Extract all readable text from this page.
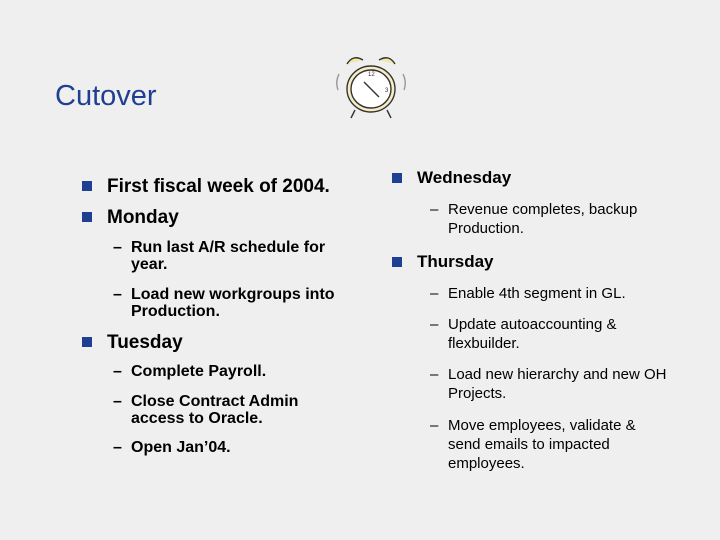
Cutover
12
3
First fiscal week of 2004.
Monday
– Run last A/R schedule for year.
– Load new workgroups into Production.
Tuesday
– Complete Payroll.
– Close Contract Admin access to Oracle.
– Open Jan’04.
Wednesday
– Revenue completes, backup Production.
Thursday
– Enable 4th segment in GL.
– Update autoaccounting & flexbuilder.
– Load new hierarchy and new OH Projects.
– Move employees, validate & send emails to impacted employees.
